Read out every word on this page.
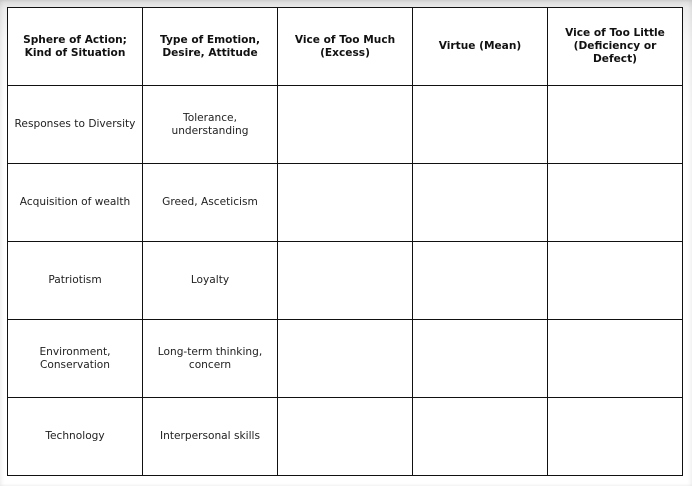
Sphere of Action; Kind of Situation	Type of Emotion, Desire, Attitude	Vice of Too Much (Excess)	Virtue (Mean)	Vice of Too Little (Deficiency or Defect)
Responses to Diversity	Tolerance, understanding			
Acquisition of wealth	Greed, Asceticism			
Patriotism	Loyalty			
Environment, Conservation	Long-term thinking, concern			
Technology	Interpersonal skills			
